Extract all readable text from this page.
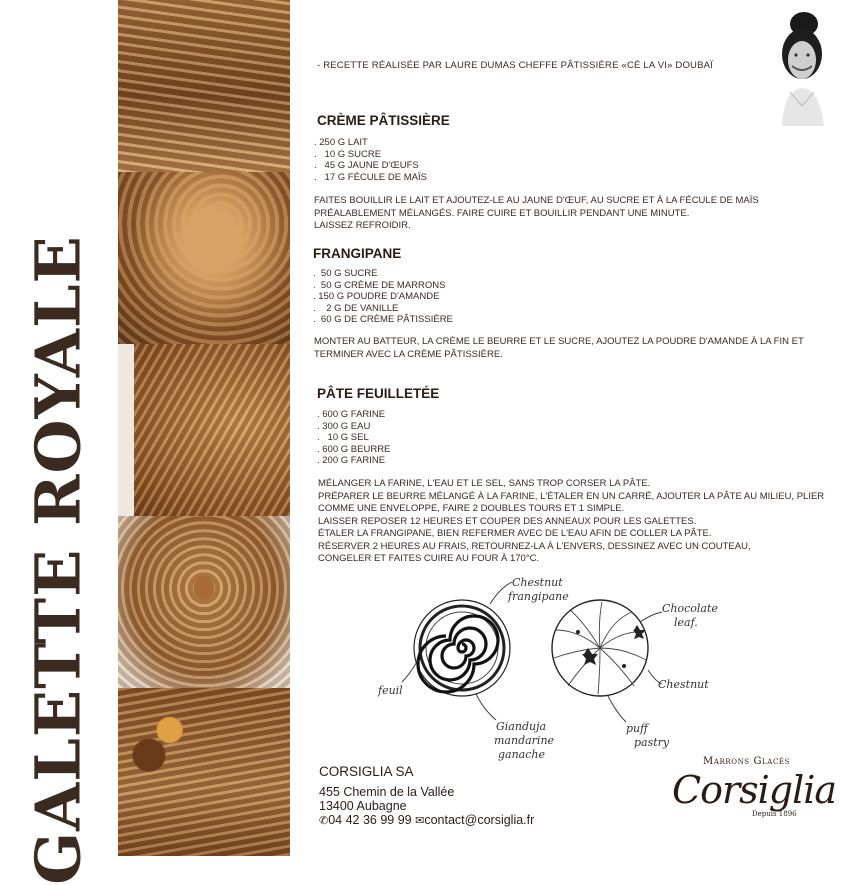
GALETTE ROYALE
- RECETTE RÉALISÉE PAR LAURE DUMAS CHEFFE PÂTISSIÈRE «CÉ LA VI» DOUBAÏ
CRÈME PÂTISSIÈRE
. 250 G LAIT
.   10 G SUCRE
.   45 G JAUNE D'ŒUFS
.   17 G FÉCULE DE MAÏS
FAITES BOUILLIR LE LAIT ET AJOUTEZ-LE AU JAUNE D'ŒUF, AU SUCRE ET À LA FÉCULE DE MAÏS
PRÉALABLEMENT MÉLANGÉS. FAIRE CUIRE ET BOUILLIR PENDANT UNE MINUTE.
LAISSEZ REFROIDIR.
FRANGIPANE
.  50 G SUCRE
.  50 G CRÈME DE MARRONS
. 150 G POUDRE D'AMANDE
.    2 G DE VANILLE
.  60 G DE CRÈME PÂTISSIÈRE
MONTER AU BATTEUR, LA CRÈME LE BEURRE ET LE SUCRE, AJOUTEZ LA POUDRE D'AMANDE À LA FIN ET
TERMINER AVEC LA CRÈME PÂTISSIÈRE.
PÂTE FEUILLETÉE
. 600 G FARINE
. 300 G EAU
.   10 G SEL
. 600 G BEURRE
. 200 G FARINE
MÉLANGER LA FARINE, L'EAU ET LE SEL, SANS TROP CORSER LA PÂTE.
PRÉPARER LE BEURRE MÉLANGÉ À LA FARINE, L'ÉTALER EN UN CARRÉ, AJOUTER LA PÂTE AU MILIEU, PLIER
COMME UNE ENVELOPPE, FAIRE 2 DOUBLES TOURS ET 1 SIMPLE.
LAISSER REPOSER 12 HEURES ET COUPER DES ANNEAUX POUR LES GALETTES.
ÉTALER LA FRANGIPANE, BIEN REFERMER AVEC DE L'EAU AFIN DE COLLER LA PÂTE.
RÉSERVER 2 HEURES AU FRAIS, RETOURNEZ-LA À L'ENVERS, DESSINEZ AVEC UN COUTEAU,
CONGELER ET FAITES CUIRE AU FOUR À 170°C.
Chestnut
frangipane
Chocolate
leaf.
Chestnut
feuil
Gianduja
mandarine
ganache
puff
pastry
CORSIGLIA SA
455 Chemin de la Vallée
13400 Aubagne
✆04 42 36 99 99 ✉contact@corsiglia.fr
Marrons Glacés
Corsiglia
Depuis 1896
